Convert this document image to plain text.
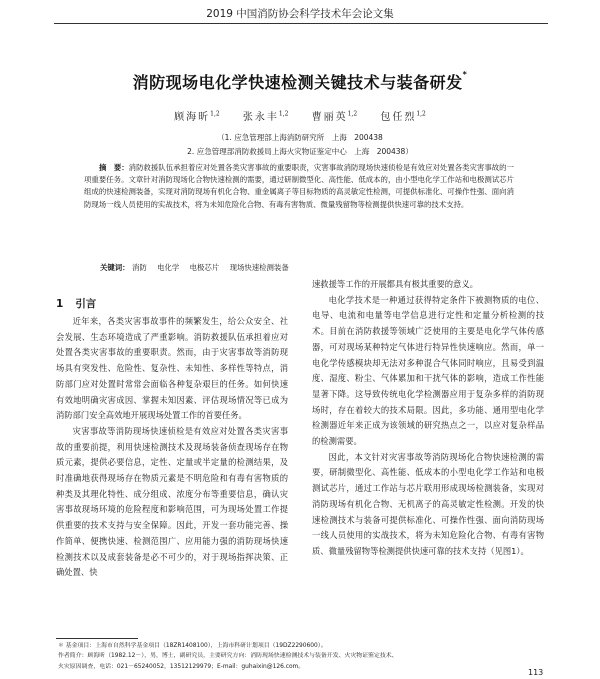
2019 中国消防协会科学技术年会论文集
消防现场电化学快速检测关键技术与装备研发*
顾海昕$^{1,2}$ 张永丰$^{1,2}$ 曹丽英$^{1,2}$ 包任烈$^{1,2}$
（1. 应急管理部上海消防研究所　上海　200438
2. 应急管理部消防救援局上海火灾物证鉴定中心　上海　200438）
摘　要：消防救援队伍承担着应对处置各类灾害事故的重要职责，灾害事故消防现场快速侦检是有效应对处置各类灾害事故的一项重要任务。文章针对消防现场化合物快速检测的需要，通过研制微型化、高性能、低成本的，由小型电化学工作站和电极测试芯片组成的快速检测装备，实现对消防现场有机化合物、重金属离子等目标物质的高灵敏定性检测，可提供标准化、可操作性强、面向消防现场一线人员使用的实战技术，将为未知危险化合物、有毒有害物质、微量残留物等检测提供快速可靠的技术支持。
关键词： 消防 电化学 电极芯片 现场快速检测装备
1 引言

近年来，各类灾害事故事件的频繁发生，给公众安全、社会发展、生态环境造成了严重影响。消防救援队伍承担着应对处置各类灾害事故的重要职责。然而，由于灾害事故等消防现场具有突发性、危险性、复杂性、未知性、多样性等特点，消防部门应对处置时常常会面临各种复杂艰巨的任务。如何快速有效地明确灾害成因、掌握未知因素、评估现场情况等已成为消防部门安全高效地开展现场处置工作的首要任务。

灾害事故等消防现场快速侦检是有效应对处置各类灾害事故的重要前提，利用快速检测技术及现场装备侦查现场存在物质元素，提供必要信息，定性、定量或半定量的检测结果，及时准确地获得现场存在物质元素是不明危险和有毒有害物质的种类及其理化特性、成分组成、浓度分布等重要信息，确认灾害事故现场环境的危险程度和影响范围，可为现场处置工作提供重要的技术支持与安全保障。因此，开发一套功能完善、操作简单、便携快速、检测范围广、应用能力强的消防现场快速检测技术以及成套装备是必不可少的，对于现场指挥决策、正确处置、快

速救援等工作的开展都具有极其重要的意义。

电化学技术是一种通过获得特定条件下被测物质的电位、电导、电流和电量等电学信息进行定性和定量分析检测的技术。目前在消防救援等领域广泛使用的主要是电化学气体传感器，可对现场某种特定气体进行特异性快速响应。然而，单一电化学传感模块却无法对多种混合气体同时响应，且易受到温度、湿度、粉尘、气体累加和干扰气体的影响，造成工作性能显著下降。这导致传统电化学检测器应用于复杂多样的消防现场时，存在着较大的技术局限。因此，多功能、通用型电化学检测器近年来正成为该领域的研究热点之一，以应对复杂样品的检测需要。

因此，本文针对灾害事故等消防现场化合物快速检测的需要，研制微型化、高性能、低成本的小型电化学工作站和电极测试芯片，通过工作站与芯片联用形成现场检测装备，实现对消防现场有机化合物、无机离子的高灵敏定性检测。开发的快速检测技术与装备可提供标准化、可操作性强、面向消防现场一线人员使用的实战技术，将为未知危险化合物、有毒有害物质、微量残留物等检测提供快速可靠的技术支持（见图1）。

＊ 基金项目：上海市自然科学基金项目（18ZR1408100），上海市科研计划项目（19DZ2290600）。
作者简介：顾海昕（1982.12－），男，博士，副研究员，主要研究方向：消防现场快速检测技术与装备开发、火灾物证鉴定技术、
火灾原因调查，电话：021－65240052，13512129979；E-mail：guhaixin@126.com。
113
